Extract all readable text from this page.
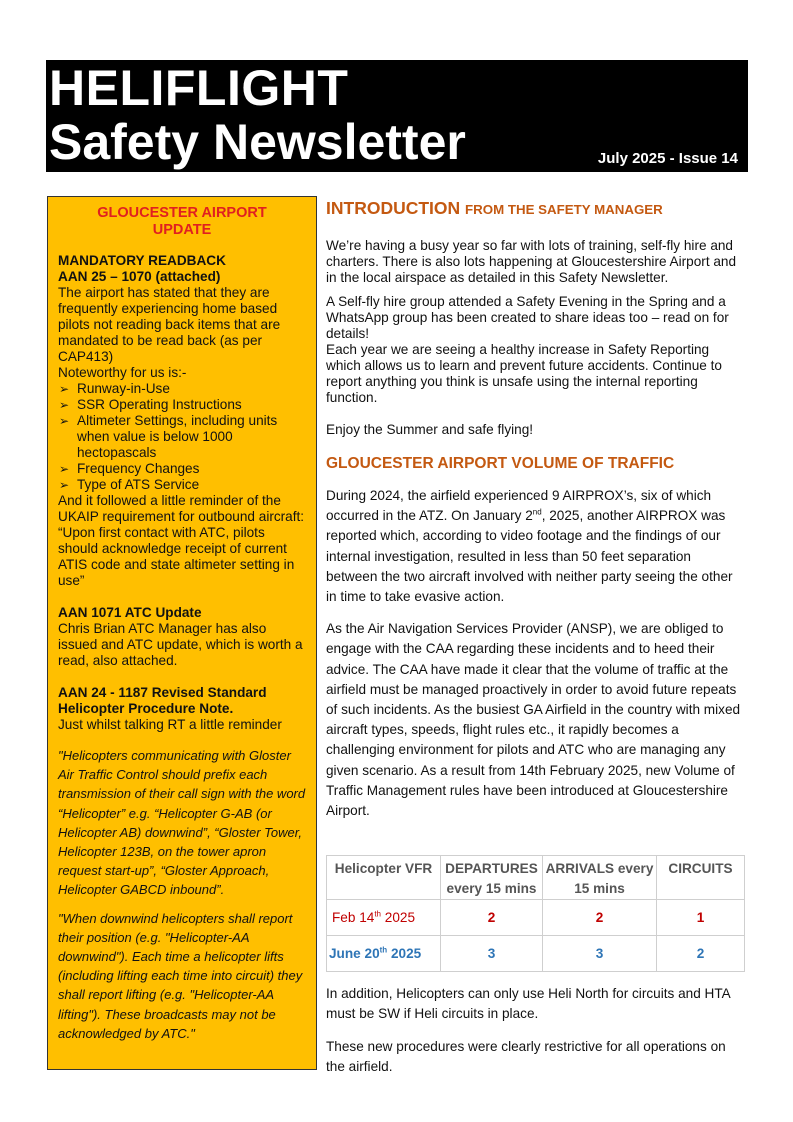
HELIFLIGHT
Safety Newsletter	July 2025 - Issue 14
GLOUCESTER AIRPORT
UPDATE
MANDATORY READBACK
AAN 25 – 1070 (attached)
The airport has stated that they are frequently experiencing home based pilots not reading back items that are mandated to be read back (as per CAP413)
Noteworthy for us is:-
➢ Runway-in-Use
➢ SSR Operating Instructions
➢ Altimeter Settings, including units when value is below 1000 hectopascals
➢ Frequency Changes
➢ Type of ATS Service
And it followed a little reminder of the UKAIP requirement for outbound aircraft:
“Upon first contact with ATC, pilots should acknowledge receipt of current ATIS code and state altimeter setting in use”
AAN 1071 ATC Update
Chris Brian ATC Manager has also issued and ATC update, which is worth a read, also attached.
AAN 24 - 1187 Revised Standard
Helicopter Procedure Note.
Just whilst talking RT a little reminder
"Helicopters communicating with Gloster Air Traffic Control should prefix each transmission of their call sign with the word “Helicopter” e.g. “Helicopter G-AB (or Helicopter AB) downwind”, “Gloster Tower, Helicopter 123B, on the tower apron request start-up”, “Gloster Approach, Helicopter GABCD inbound”.
"When downwind helicopters shall report their position (e.g. "Helicopter-AA downwind"). Each time a helicopter lifts (including lifting each time into circuit) they shall report lifting (e.g. "Helicopter-AA lifting"). These broadcasts may not be acknowledged by ATC."
INTRODUCTION FROM THE SAFETY MANAGER

We’re having a busy year so far with lots of training, self-fly hire and charters. There is also lots happening at Gloucestershire Airport and in the local airspace as detailed in this Safety Newsletter.

A Self-fly hire group attended a Safety Evening in the Spring and a WhatsApp group has been created to share ideas too – read on for details!

Each year we are seeing a healthy increase in Safety Reporting which allows us to learn and prevent future accidents. Continue to report anything you think is unsafe using the internal reporting function.

Enjoy the Summer and safe flying!

GLOUCESTER AIRPORT VOLUME OF TRAFFIC

During 2024, the airfield experienced 9 AIRPROX’s, six of which occurred in the ATZ. On January 2nd, 2025, another AIRPROX was reported which, according to video footage and the findings of our internal investigation, resulted in less than 50 feet separation between the two aircraft involved with neither party seeing the other in time to take evasive action.

As the Air Navigation Services Provider (ANSP), we are obliged to engage with the CAA regarding these incidents and to heed their advice. The CAA have made it clear that the volume of traffic at the airfield must be managed proactively in order to avoid future repeats of such incidents. As the busiest GA Airfield in the country with mixed aircraft types, speeds, flight rules etc., it rapidly becomes a challenging environment for pilots and ATC who are managing any given scenario. As a result from 14th February 2025, new Volume of Traffic Management rules have been introduced at Gloucestershire Airport.

Helicopter VFR	DEPARTURES every 15 mins	ARRIVALS every 15 mins	CIRCUITS
Feb 14th 2025	2	2	1
June 20th 2025	3	3	2

In addition, Helicopters can only use Heli North for circuits and HTA must be SW if Heli circuits in place.

These new procedures were clearly restrictive for all operations on the airfield.
